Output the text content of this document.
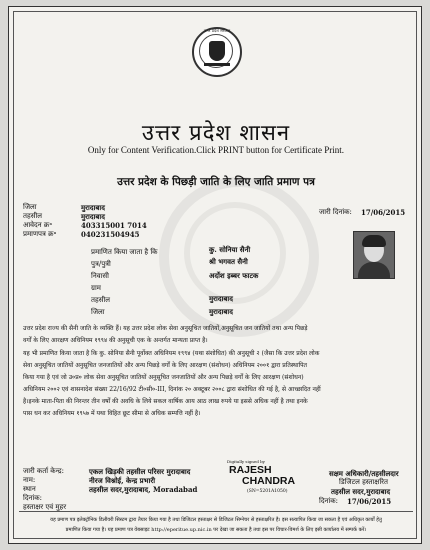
उत्तर प्रदेश सरकार
उत्तर प्रदेश शासन
Only for Content Verification.Click PRINT button for Certificate Print.
उत्तर प्रदेश के पिछड़ी जाति के लिए जाति प्रमाण पत्र
जिला	मुरादाबाद
तहसील	मुरादाबाद
आवेदन क्र॰	403315001 7014
प्रमाणपत्र क्र॰	040231504945
जारी दिनांक: 17/06/2015
प्रमाणित किया जाता है कि	कु. सोनिया सैनी
पुत्र/पुत्री	श्री भगवत सैनी
निवासी	अर्दोश इब्बर फाटक
ग्राम
तहसील	मुरादाबाद
जिला	मुरादाबाद
उत्तर प्रदेश राज्य की सैनी जाति के व्यक्ति हैं। यह उत्तर प्रदेश लोक सेवा अनुसूचित जातियों,अनुसूचित जन जातियों तथा अन्य पिछड़े
वर्गों के लिए आरक्षण अधिनियम १९९४ की अनुसूची एक के अन्तर्गत मान्यता प्राप्त है।
यह भी प्रमाणित किया जाता है कि कु. सोनिया सैनी पूर्वोक्त अधिनियम १९९४ (यथा संशोधित) की अनुसूची २ (जैसा कि उत्तर प्रदेश लोक
सेवा अनुसूचित जातियों अनुसूचित जनजातियों और अन्य पिछड़े वर्गों के लिए आरक्षण (संशोधन) अधिनियम २००१ द्वारा प्रतिस्थापित
किया गया है एवं जो उ०प्र० लोक सेवा अनुसूचित जातियों अनुसूचित जनजातियों और अन्य पिछड़े वर्गों के लिए आरक्षण (संशोधन)
अधिनियम २००२ एवं शासनादेश संख्या 22/16/92 टी०सी०-III, दिनांक २० अक्टूबर २००८ द्वारा संशोधित की गई है, से आच्छादित नहीं
है।इनके माता-पिता की निरन्तर तीन वर्षों की अवधि के लिये सकल वार्षिक आय आठ लाख रुपये या इससे अधिक नहीं है तथा इनके
पास धन कर अधिनियम १९५७ में यथा विहित छूट सीमा से अधिक सम्पत्ति नहीं है।
जारी कर्ता केन्द्र:	एकल खिड़की तहसील परिसर मुरादाबाद
नाम:	नीरज विश्नोई, केन्द्र प्रभारी
स्थान	तहसील सदर,मुरादाबाद, Moradabad
दिनांक:
हस्ताक्षर एवं मुहर
Digitally signed by
RAJESH
CHANDRA
(SN=5201A1050)
सक्षम अधिकारी/तहसीलदार
डिजिटल हस्ताक्षरित
तहसील सदर,मुरादाबाद
दिनांक: 17/06/2015
यह प्रमाण पत्र इलेक्ट्रॉनिक डिलीवरी सिस्टम द्वारा तैयार किया गया है तथा डिजिटल हस्ताक्षर से डिजिटल सिग्नेचर से हस्ताक्षरित है। इस सत्यापित किया जा सकता है एवं अधिकृत कार्यों हेतु
प्रमाणित किया गया है। यह प्रमाण पत्र वेबसाइट http://eperitue.up.nic.in पर देखा जा सकता है तथा इस पर विचार-विमर्श के लिए इसी कार्यालय में सम्पर्क करें।
